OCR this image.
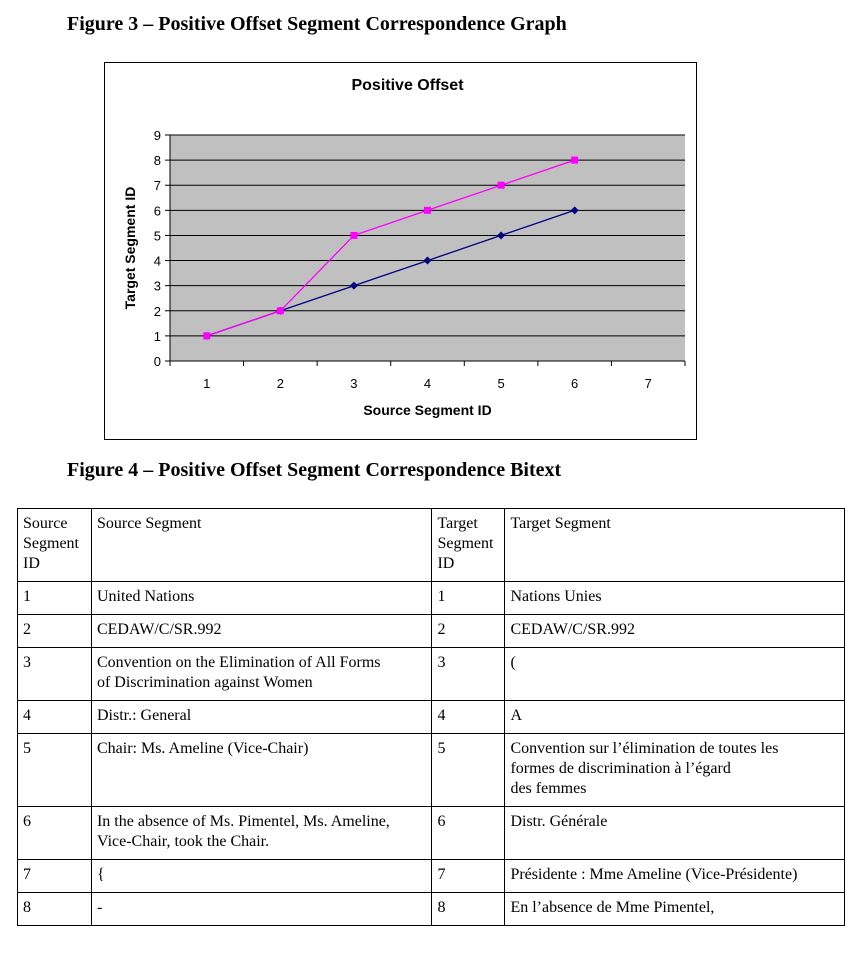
Figure 3 – Positive Offset Segment Correspondence Graph
Positive Offset
0
1
2
3
4
5
6
7
8
9
1	2	3	4	5	6	7
Source Segment ID
Target Segment ID
Figure 4 – Positive Offset Segment Correspondence Bitext
Source
Segment
ID	Source Segment	Target
Segment
ID	Target Segment
1	United Nations	1	Nations Unies
2	CEDAW/C/SR.992	2	CEDAW/C/SR.992
3	Convention on the Elimination of All Forms
of Discrimination against Women	3	(
4	Distr.: General	4	A
5	Chair: Ms. Ameline (Vice-Chair)	5	Convention sur l’élimination de toutes les
formes de discrimination à l’égard
des femmes
6	In the absence of Ms. Pimentel, Ms. Ameline,
Vice-Chair, took the Chair.	6	Distr. Générale
7	{	7	Présidente : Mme Ameline (Vice-Présidente)
8	-	8	En l’absence de Mme Pimentel,
